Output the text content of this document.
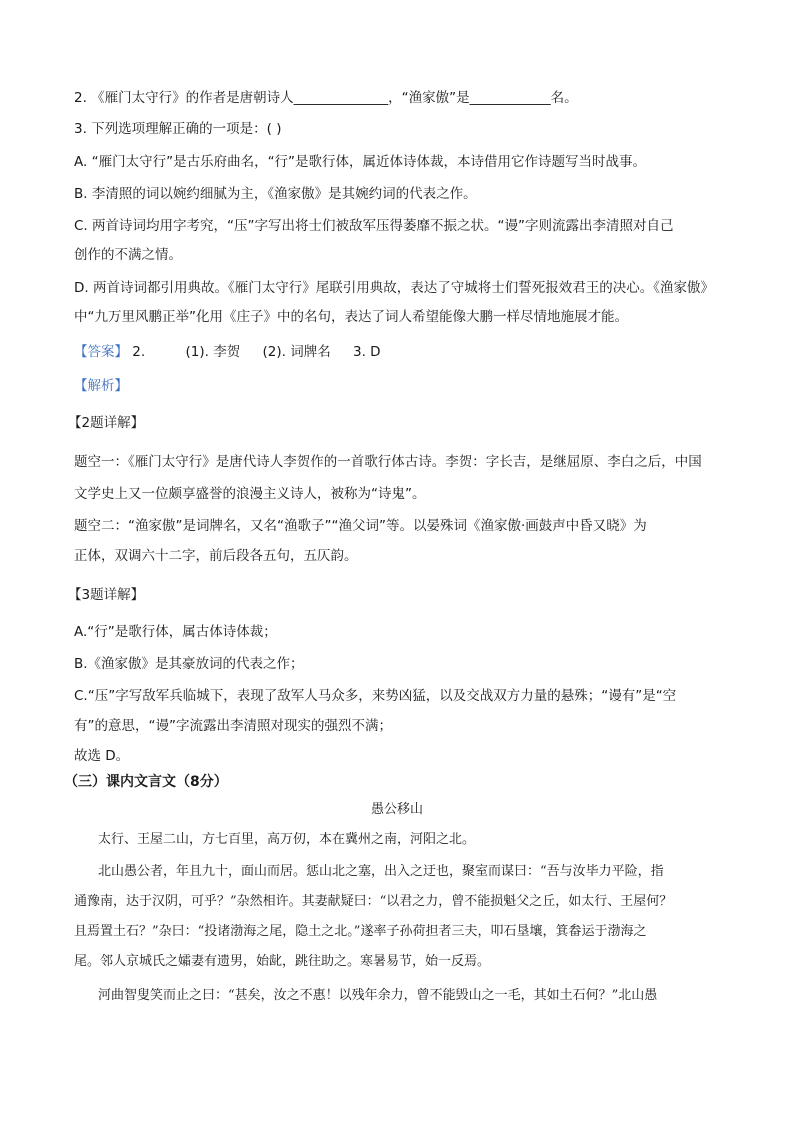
2. 《雁门太守行》的作者是唐朝诗人______________，“渔家傲”是____________名。
3. 下列选项理解正确的一项是：( )
A. “雁门太守行”是古乐府曲名，“行”是歌行体，属近体诗体裁，本诗借用它作诗题写当时战事。
B. 李清照的词以婉约细腻为主，《渔家傲》是其婉约词的代表之作。
C. 两首诗词均用字考究，“压”字写出将士们被敌军压得萎靡不振之状。“谩”字则流露出李清照对自己
创作的不满之情。
D. 两首诗词都引用典故。《雁门太守行》尾联引用典故，表达了守城将士们誓死报效君王的决心。《渔家傲》
中“九万里风鹏正举”化用《庄子》中的名句，表达了词人希望能像大鹏一样尽情地施展才能。
【答案】 2.	(1). 李贺 (2). 词牌名 3. D
【解析】
【2题详解】
题空一：《雁门太守行》是唐代诗人李贺作的一首歌行体古诗。李贺：字长吉，是继屈原、李白之后，中国
文学史上又一位颇享盛誉的浪漫主义诗人，被称为“诗鬼”。
题空二：“渔家傲”是词牌名，又名“渔歌子”“渔父词”等。以晏殊词《渔家傲·画鼓声中昏又晓》为
正体，双调六十二字，前后段各五句，五仄韵。
【3题详解】
A.“行”是歌行体，属古体诗体裁；
B.《渔家傲》是其豪放词的代表之作；
C.“压”字写敌军兵临城下，表现了敌军人马众多，来势凶猛，以及交战双方力量的悬殊；“谩有”是“空
有”的意思，“谩”字流露出李清照对现实的强烈不满；
故选 D。
（三）课内文言文（8分）
愚公移山
太行、王屋二山，方七百里，高万仞，本在冀州之南，河阳之北。
北山愚公者，年且九十，面山而居。惩山北之塞，出入之迂也，聚室而谋曰：“吾与汝毕力平险，指
通豫南，达于汉阴，可乎？”杂然相许。其妻献疑曰：“以君之力，曾不能损魁父之丘，如太行、王屋何？
且焉置土石？”杂曰：“投诸渤海之尾，隐土之北。”遂率子孙荷担者三夫，叩石垦壤，箕畚运于渤海之
尾。邻人京城氏之孀妻有遗男，始龀，跳往助之。寒暑易节，始一反焉。
河曲智叟笑而止之曰：“甚矣，汝之不惠！以残年余力，曾不能毁山之一毛，其如土石何？”北山愚
